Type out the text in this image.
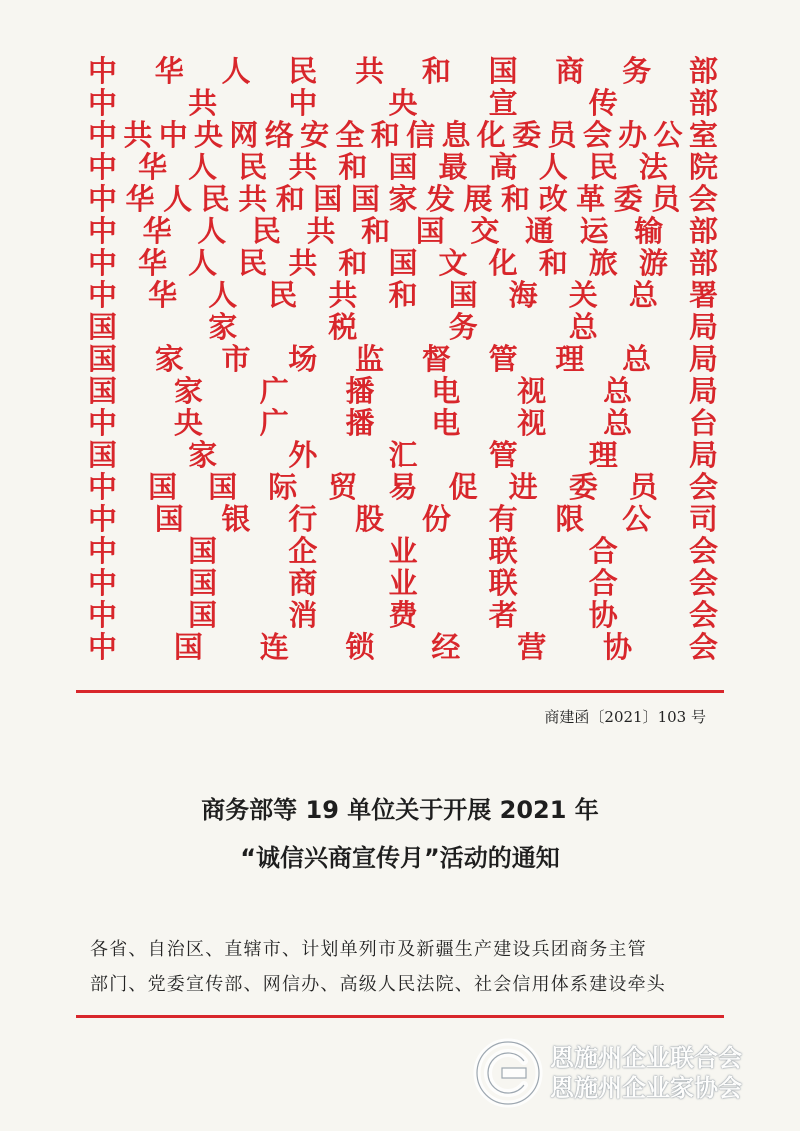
中 华 人 民 共 和 国 商 务 部
中 共 中 央 宣 传 部
中 共 中 央 网 络 安 全 和 信 息 化 委 员 会 办 公 室
中 华 人 民 共 和 国 最 高 人 民 法 院
中 华 人 民 共 和 国 国 家 发 展 和 改 革 委 员 会
中 华 人 民 共 和 国 交 通 运 输 部
中 华 人 民 共 和 国 文 化 和 旅 游 部
中 华 人 民 共 和 国 海 关 总 署
国	家	税	务	总	局
国 家 市 场 监 督 管 理 总 局
国 家 广 播 电 视 总 局
中 央 广 播 电 视 总 台
国 家 外 汇 管 理 局
中 国 国 际 贸 易 促 进 委 员 会
中 国 银 行 股 份 有 限 公 司
中 国 企 业 联 合 会
中 国 商 业 联 合 会
中 国 消 费 者 协 会
中 国 连 锁 经 营 协 会
商建函〔2021〕103 号
商务部等 19 单位关于开展 2021 年
“诚信兴商宣传月”活动的通知
各省、自治区、直辖市、计划单列市及新疆生产建设兵团商务主管
部门、党委宣传部、网信办、高级人民法院、社会信用体系建设牵头
恩施州企业联合会
恩施州企业家协会
